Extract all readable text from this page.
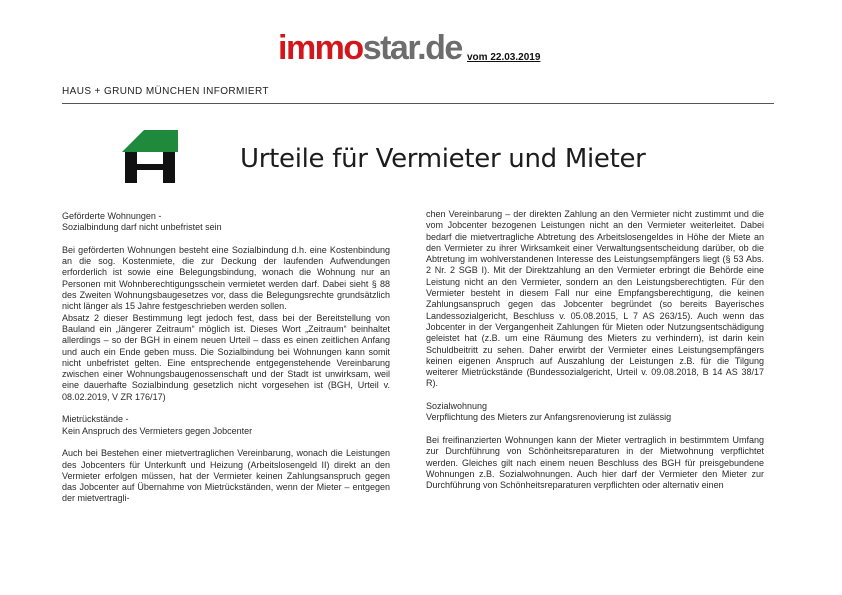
immostar.de vom 22.03.2019
HAUS + GRUND MÜNCHEN INFORMIERT
Urteile für Vermieter und Mieter
Geförderte Wohnungen -
Sozialbindung darf nicht unbefristet sein

Bei geförderten Wohnungen besteht eine Sozialbindung d.h. eine Kostenbindung an die sog. Kostenmiete, die zur Deckung der laufenden Aufwendungen erforderlich ist sowie eine Belegungsbindung, wonach die Wohnung nur an Personen mit Wohnberechtigungsschein vermietet werden darf. Dabei sieht § 88 des Zweiten Wohnungsbaugesetzes vor, dass die Belegungsrechte grundsätzlich nicht länger als 15 Jahre festgeschrieben werden sollen.

Absatz 2 dieser Bestimmung legt jedoch fest, dass bei der Bereitstellung von Bauland ein „längerer Zeitraum“ möglich ist. Dieses Wort „Zeitraum“ beinhaltet allerdings – so der BGH in einem neuen Urteil – dass es einen zeitlichen Anfang und auch ein Ende geben muss. Die Sozialbindung bei Wohnungen kann somit nicht unbefristet gelten. Eine entsprechende entgegenstehende Vereinbarung zwischen einer Wohnungsbaugenossenschaft und der Stadt ist unwirksam, weil eine dauerhafte Sozialbindung gesetzlich nicht vorgesehen ist (BGH, Urteil v. 08.02.2019, V ZR 176/17)

Mietrückstände -
Kein Anspruch des Vermieters gegen Jobcenter

Auch bei Bestehen einer mietvertraglichen Vereinbarung, wonach die Leistungen des Jobcenters für Unterkunft und Heizung (Arbeitslosengeld II) direkt an den Vermieter erfolgen müssen, hat der Vermieter keinen Zahlungsanspruch gegen das Jobcenter auf Übernahme von Mietrückständen, wenn der Mieter – entgegen der mietvertragli-

chen Vereinbarung – der direkten Zahlung an den Vermieter nicht zustimmt und die vom Jobcenter bezogenen Leistungen nicht an den Vermieter weiterleitet. Dabei bedarf die mietvertragliche Abtretung des Arbeitslosengeldes in Höhe der Miete an den Vermieter zu ihrer Wirksamkeit einer Verwaltungsentscheidung darüber, ob die Abtretung im wohlverstandenen Interesse des Leistungsempfängers liegt (§ 53 Abs. 2 Nr. 2 SGB I). Mit der Direktzahlung an den Vermieter erbringt die Behörde eine Leistung nicht an den Vermieter, sondern an den Leistungsberechtigten. Für den Vermieter besteht in diesem Fall nur eine Empfangsberechtigung, die keinen Zahlungsanspruch gegen das Jobcenter begründet (so bereits Bayerisches Landessozialgericht, Beschluss v. 05.08.2015, L 7 AS 263/15). Auch wenn das Jobcenter in der Vergangenheit Zahlungen für Mieten oder Nutzungsentschädigung geleistet hat (z.B. um eine Räumung des Mieters zu verhindern), ist darin kein Schuldbeitritt zu sehen. Daher erwirbt der Vermieter eines Leistungsempfängers keinen eigenen Anspruch auf Auszahlung der Leistungen z.B. für die Tilgung weiterer Mietrückstände (Bundessozialgericht, Urteil v. 09.08.2018, B 14 AS 38/17 R).

Sozialwohnung
Verpflichtung des Mieters zur Anfangsrenovierung ist zulässig

Bei freifinanzierten Wohnungen kann der Mieter vertraglich in bestimmtem Umfang zur Durchführung von Schönheitsreparaturen in der Mietwohnung verpflichtet werden. Gleiches gilt nach einem neuen Beschluss des BGH für preisgebundene Wohnungen z.B. Sozialwohnungen. Auch hier darf der Vermieter den Mieter zur Durchführung von Schönheitsreparaturen verpflichten oder alternativ einen
